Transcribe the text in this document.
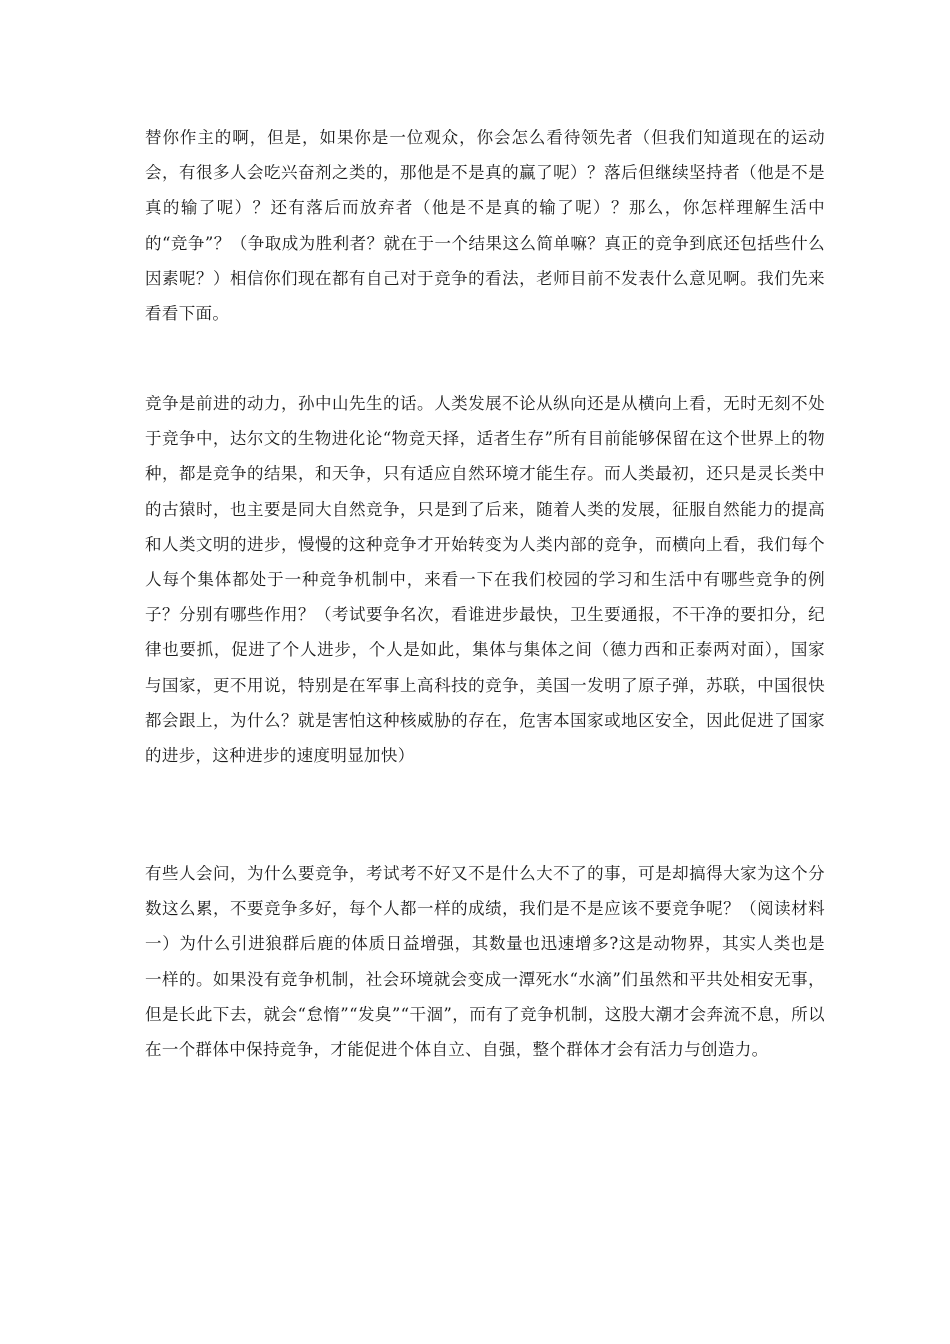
替你作主的啊，但是，如果你是一位观众，你会怎么看待领先者（但我们知道现在的运动会，有很多人会吃兴奋剂之类的，那他是不是真的赢了呢）？落后但继续坚持者（他是不是真的输了呢）？还有落后而放弃者（他是不是真的输了呢）？那么，你怎样理解生活中的“竞争”？（争取成为胜利者？就在于一个结果这么简单嘛？真正的竞争到底还包括些什么因素呢？）相信你们现在都有自己对于竞争的看法，老师目前不发表什么意见啊。我们先来看看下面。

竞争是前进的动力，孙中山先生的话。人类发展不论从纵向还是从横向上看，无时无刻不处于竞争中，达尔文的生物进化论“物竞天择，适者生存”所有目前能够保留在这个世界上的物种，都是竞争的结果，和天争，只有适应自然环境才能生存。而人类最初，还只是灵长类中的古猿时，也主要是同大自然竞争，只是到了后来，随着人类的发展，征服自然能力的提高和人类文明的进步，慢慢的这种竞争才开始转变为人类内部的竞争，而横向上看，我们每个人每个集体都处于一种竞争机制中，来看一下在我们校园的学习和生活中有哪些竞争的例子？分别有哪些作用？（考试要争名次，看谁进步最快，卫生要通报，不干净的要扣分，纪律也要抓，促进了个人进步，个人是如此，集体与集体之间（德力西和正泰两对面），国家与国家，更不用说，特别是在军事上高科技的竞争，美国一发明了原子弹，苏联，中国很快都会跟上，为什么？就是害怕这种核威胁的存在，危害本国家或地区安全，因此促进了国家的进步，这种进步的速度明显加快）

有些人会问，为什么要竞争，考试考不好又不是什么大不了的事，可是却搞得大家为这个分数这么累，不要竞争多好，每个人都一样的成绩，我们是不是应该不要竞争呢？（阅读材料一）为什么引进狼群后鹿的体质日益增强，其数量也迅速增多?这是动物界，其实人类也是一样的。如果没有竞争机制，社会环境就会变成一潭死水“水滴”们虽然和平共处相安无事，但是长此下去，就会“怠惰”“发臭”“干涸”，而有了竞争机制，这股大潮才会奔流不息，所以在一个群体中保持竞争，才能促进个体自立、自强，整个群体才会有活力与创造力。
